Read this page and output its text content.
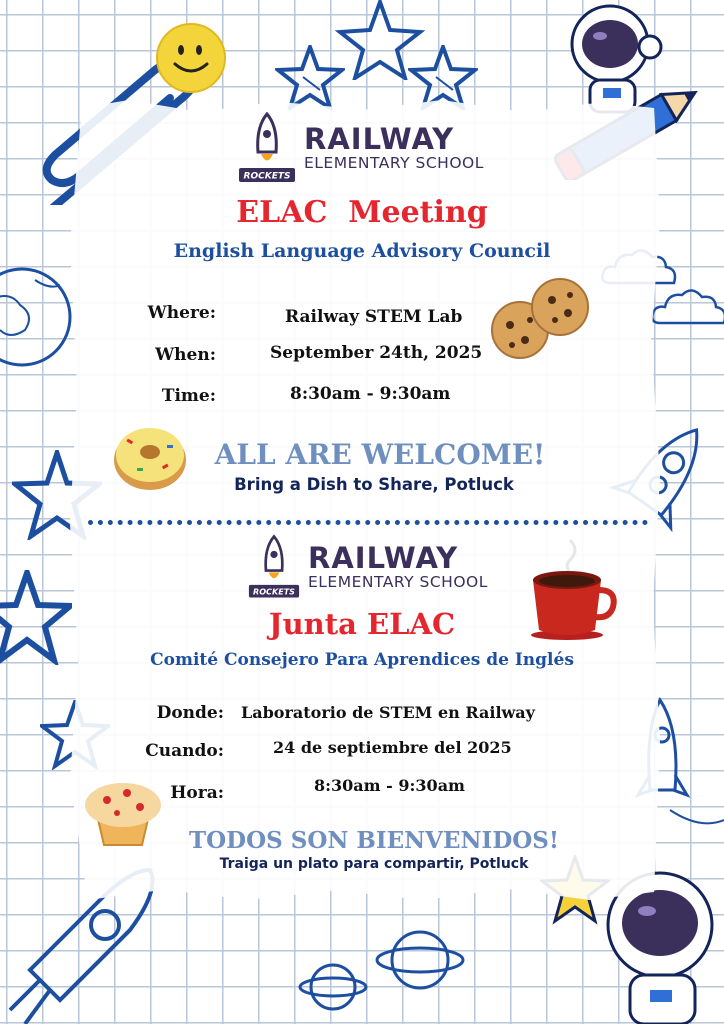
ROCKETS
RAILWAY
ELEMENTARY SCHOOL
ELAC  Meeting
English Language Advisory Council
Where:	Railway STEM Lab
When:	September 24th, 2025
Time:	8:30am - 9:30am
ALL ARE WELCOME!
Bring a Dish to Share, Potluck
ROCKETS
RAILWAY
ELEMENTARY SCHOOL
Junta ELAC
Comité Consejero Para Aprendices de Inglés
Donde: Laboratorio de STEM en Railway
Cuando:	24 de septiembre del 2025
Hora:	8:30am - 9:30am
TODOS SON BIENVENIDOS!
Traiga un plato para compartir, Potluck
